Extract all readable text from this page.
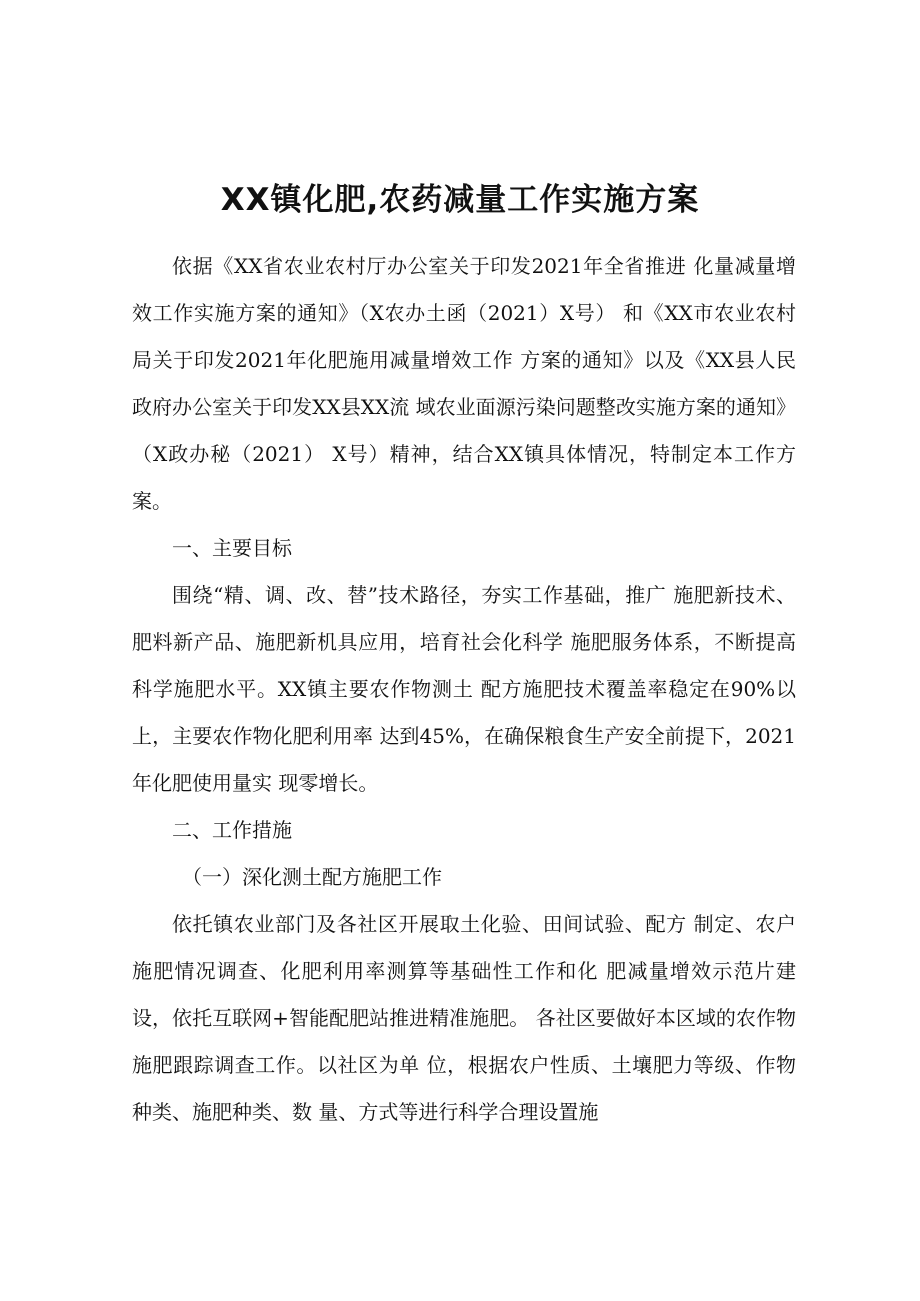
XX镇化肥,农药减量工作实施方案

依据《XX省农业农村厅办公室关于印发2021年全省推进 化量减量增效工作实施方案的通知》（X农办土函（2021）X号） 和《XX市农业农村局关于印发2021年化肥施用减量增效工作 方案的通知》以及《XX县人民政府办公室关于印发XX县XX流 域农业面源污染问题整改实施方案的通知》（X政办秘（2021） X号）精神，结合XX镇具体情况，特制定本工作方案。

一、主要目标

围绕“精、调、改、替”技术路径，夯实工作基础，推广 施肥新技术、肥料新产品、施肥新机具应用，培育社会化科学 施肥服务体系，不断提高科学施肥水平。XX镇主要农作物测土 配方施肥技术覆盖率稳定在90%以上，主要农作物化肥利用率 达到45%，在确保粮食生产安全前提下，2021年化肥使用量实 现零增长。

二、工作措施

（一）深化测土配方施肥工作

依托镇农业部门及各社区开展取土化验、田间试验、配方 制定、农户施肥情况调查、化肥利用率测算等基础性工作和化 肥减量增效示范片建设，依托互联网+智能配肥站推进精准施肥。 各社区要做好本区域的农作物施肥跟踪调查工作。以社区为单 位，根据农户性质、土壤肥力等级、作物种类、施肥种类、数 量、方式等进行科学合理设置施
